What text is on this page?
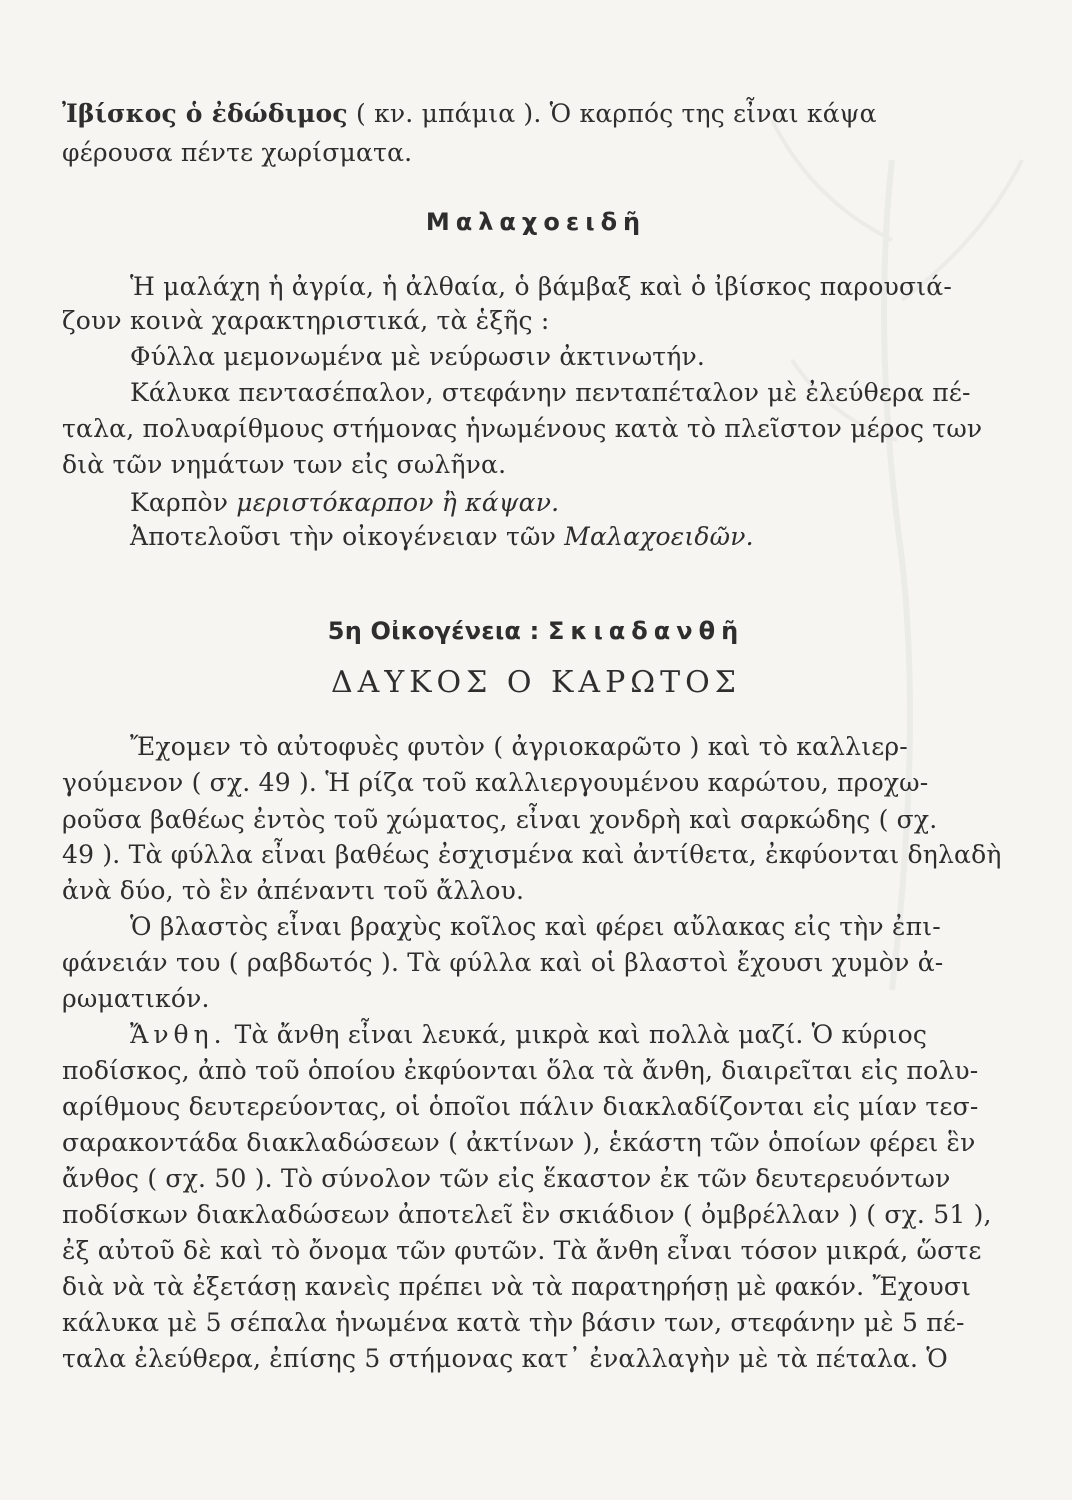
Ἰβίσκος ὁ ἐδώδιμος ( κν. μπάμια ). Ὁ καρπός της εἶναι κάψα
φέρουσα πέντε χωρίσματα.
Μαλαχοειδῆ
Ἡ μαλάχη ἡ ἀγρία, ἡ ἀλθαία, ὁ βάμβαξ καὶ ὁ ἰβίσκος παρουσιά-
ζουν κοινὰ χαρακτηριστικά, τὰ ἑξῆς :
Φύλλα μεμονωμένα μὲ νεύρωσιν ἀκτινωτήν.
Κάλυκα πεντασέπαλον, στεφάνην πενταπέταλον μὲ ἐλεύθερα πέ-
ταλα, πολυαρίθμους στήμονας ἡνωμένους κατὰ τὸ πλεῖστον μέρος των
διὰ τῶν νημάτων των εἰς σωλῆνα.
Καρπὸν μεριστόκαρπον ἢ κάψαν.
Ἀποτελοῦσι τὴν οἰκογένειαν τῶν Μαλαχοειδῶν.
5η Οἰκογένεια : Σκιαδανθῆ
ΔΑΥΚΟΣ Ο ΚΑΡΩΤΟΣ
Ἔχομεν τὸ αὐτοφυὲς φυτὸν ( ἀγριοκαρῶτο ) καὶ τὸ καλλιερ-
γούμενον ( σχ. 49 ). Ἡ ρίζα τοῦ καλλιεργουμένου καρώτου, προχω-
ροῦσα βαθέως ἐντὸς τοῦ χώματος, εἶναι χονδρὴ καὶ σαρκώδης ( σχ.
49 ). Τὰ φύλλα εἶναι βαθέως ἐσχισμένα καὶ ἀντίθετα, ἐκφύονται δηλαδὴ
ἀνὰ δύο, τὸ ἓν ἀπέναντι τοῦ ἄλλου.
Ὁ βλαστὸς εἶναι βραχὺς κοῖλος καὶ φέρει αὔλακας εἰς τὴν ἐπι-
φάνειάν του ( ραβδωτός ). Τὰ φύλλα καὶ οἱ βλαστοὶ ἔχουσι χυμὸν ἀ-
ρωματικόν.
Ἄνθη. Τὰ ἄνθη εἶναι λευκά, μικρὰ καὶ πολλὰ μαζί. Ὁ κύριος
ποδίσκος, ἀπὸ τοῦ ὁποίου ἐκφύονται ὅλα τὰ ἄνθη, διαιρεῖται εἰς πολυ-
αρίθμους δευτερεύοντας, οἱ ὁποῖοι πάλιν διακλαδίζονται εἰς μίαν τεσ-
σαρακοντάδα διακλαδώσεων ( ἀκτίνων ), ἑκάστη τῶν ὁποίων φέρει ἓν
ἄνθος ( σχ. 50 ). Τὸ σύνολον τῶν εἰς ἕκαστον ἐκ τῶν δευτερευόντων
ποδίσκων διακλαδώσεων ἀποτελεῖ ἓν σκιάδιον ( ὀμβρέλλαν ) ( σχ. 51 ),
ἐξ αὐτοῦ δὲ καὶ τὸ ὄνομα τῶν φυτῶν. Τὰ ἄνθη εἶναι τόσον μικρά, ὥστε
διὰ νὰ τὰ ἐξετάσῃ κανεὶς πρέπει νὰ τὰ παρατηρήσῃ μὲ φακόν. Ἔχουσι
κάλυκα μὲ 5 σέπαλα ἡνωμένα κατὰ τὴν βάσιν των, στεφάνην μὲ 5 πέ-
ταλα ἐλεύθερα, ἐπίσης 5 στήμονας κατ᾽ ἐναλλαγὴν μὲ τὰ πέταλα. Ὁ
